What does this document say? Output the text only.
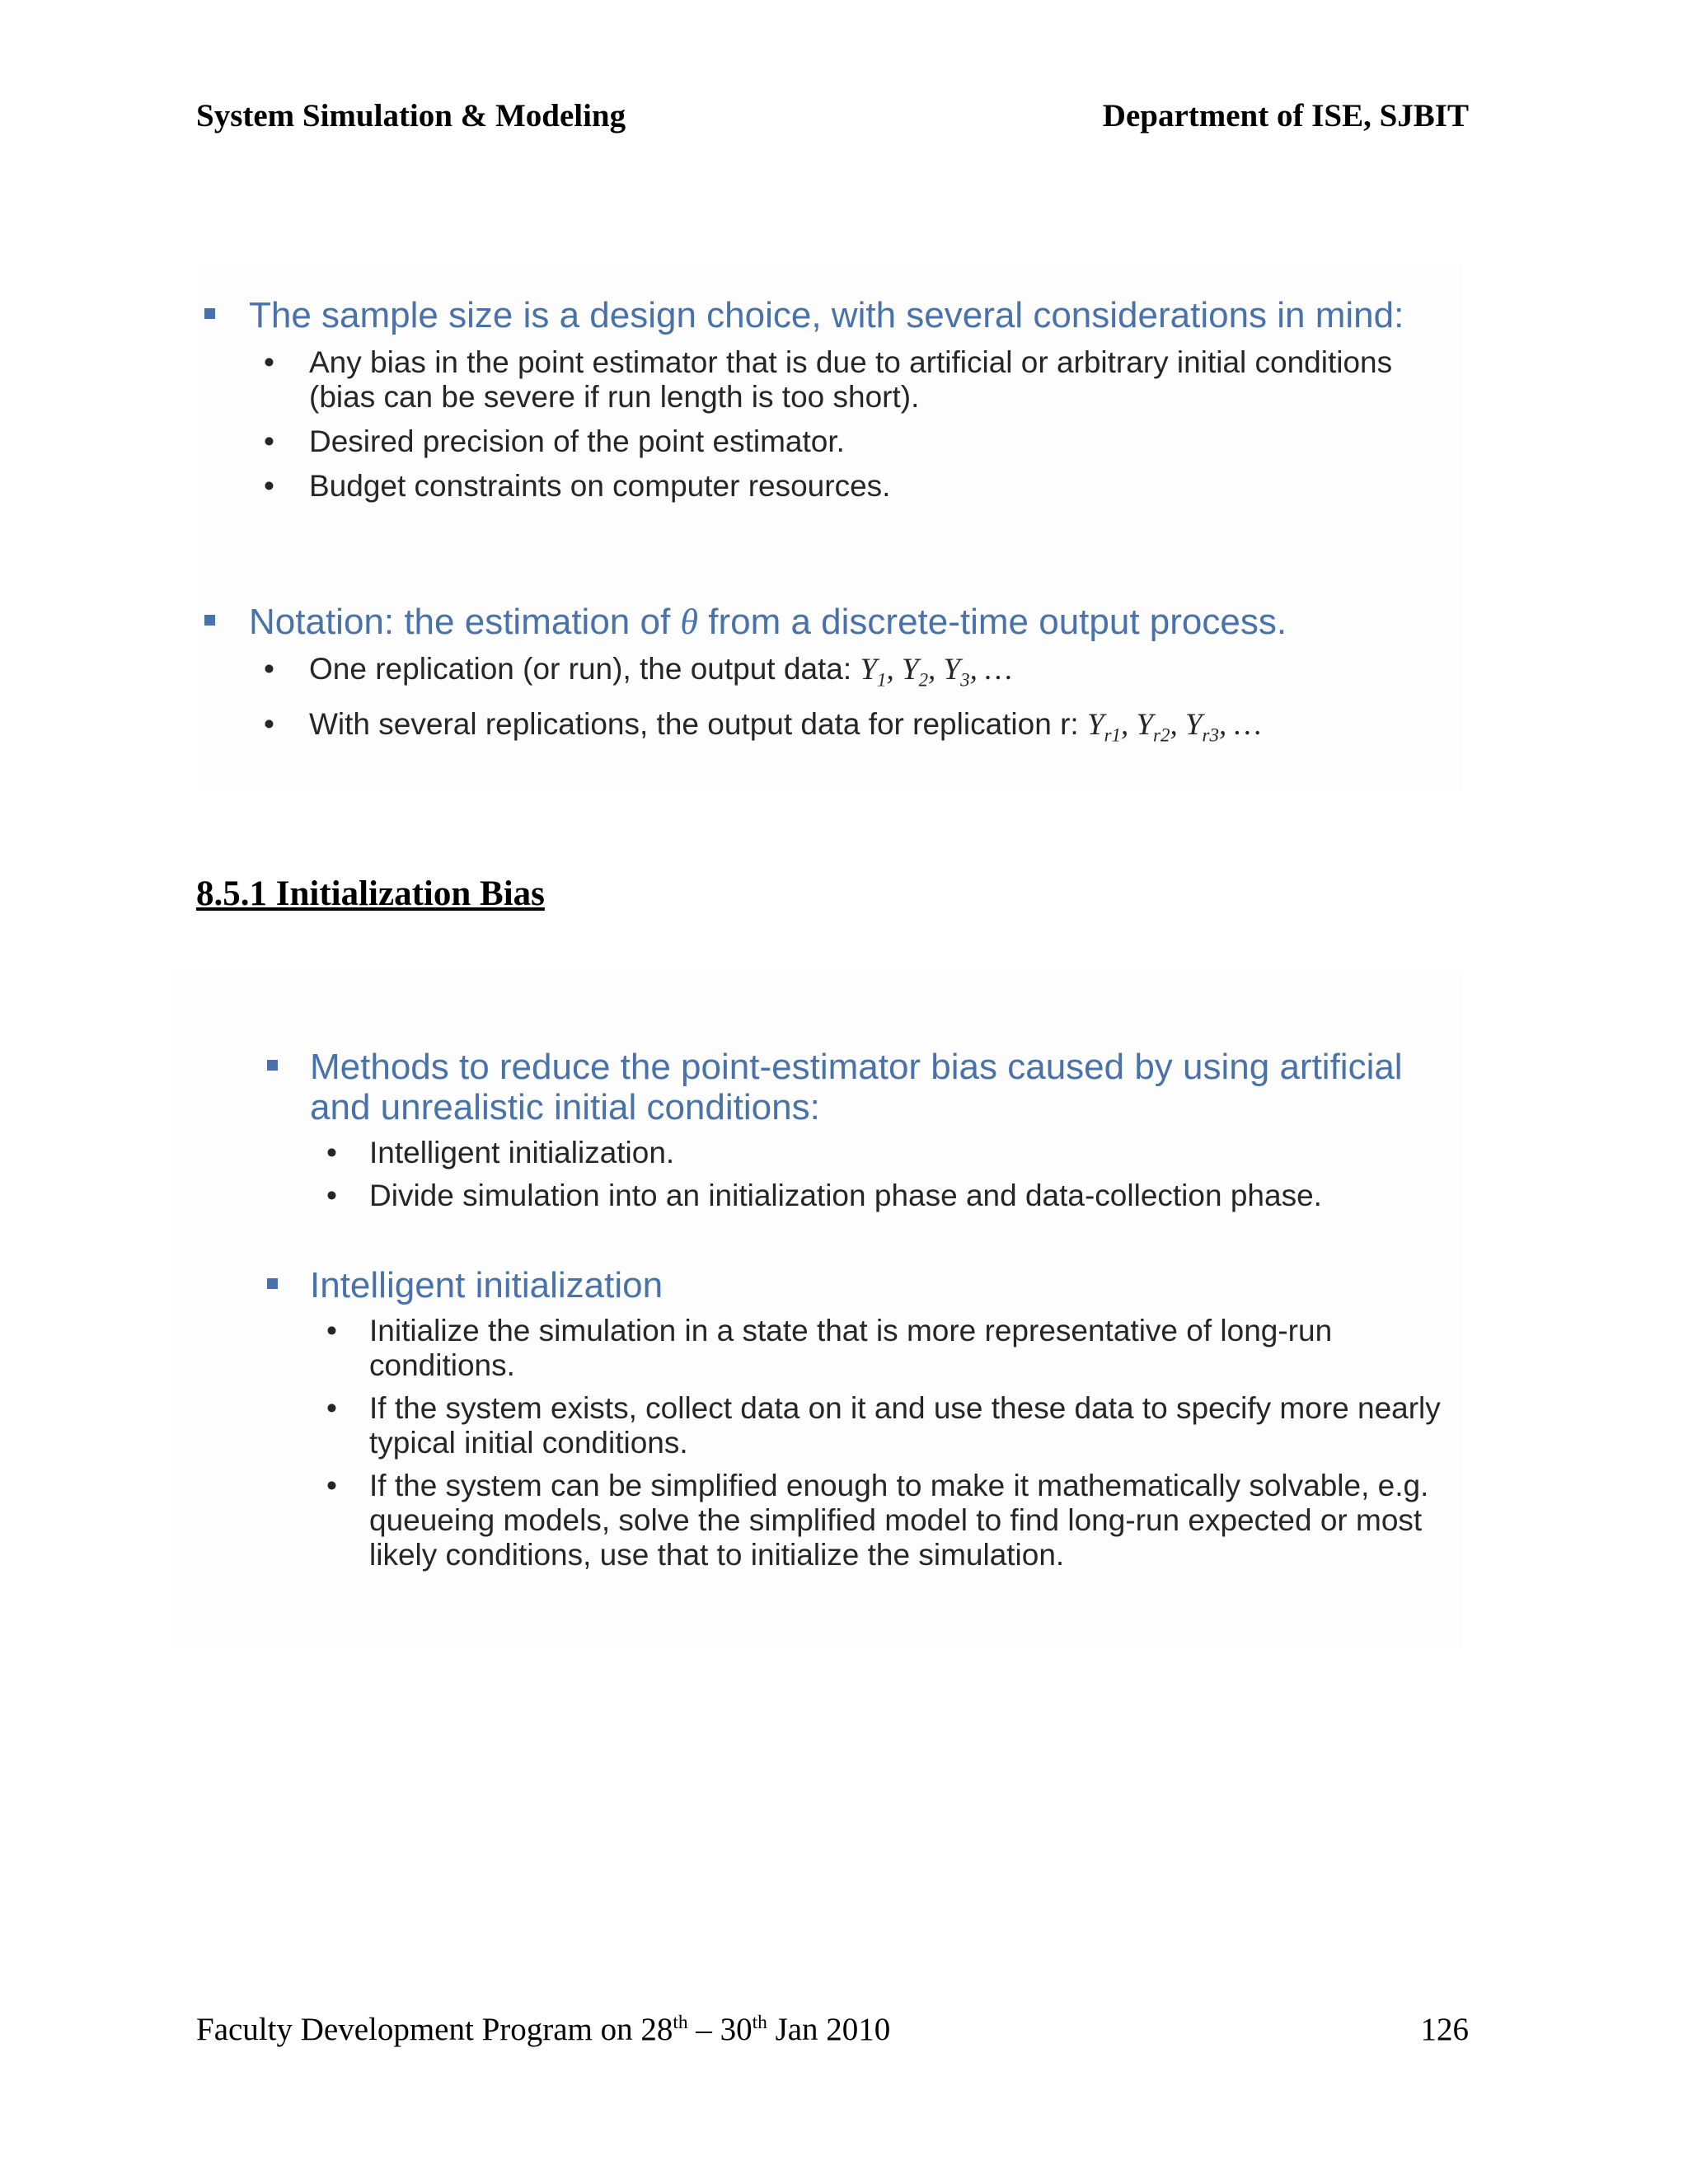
System Simulation & Modeling	Department of ISE, SJBIT
The sample size is a design choice, with several considerations in mind:
• Any bias in the point estimator that is due to artificial or arbitrary initial conditions (bias can be severe if run length is too short).
• Desired precision of the point estimator.
• Budget constraints on computer resources.
Notation: the estimation of θ from a discrete-time output process.
• One replication (or run), the output data: $Y_1$, $Y_2$, $Y_3$, …
• With several replications, the output data for replication r: $Y_{r1}$, $Y_{r2}$, $Y_{r3}$, …
8.5.1 Initialization Bias
Methods to reduce the point-estimator bias caused by using artificial and unrealistic initial conditions:
• Intelligent initialization.
• Divide simulation into an initialization phase and data-collection phase.
Intelligent initialization
• Initialize the simulation in a state that is more representative of long-run conditions.
• If the system exists, collect data on it and use these data to specify more nearly typical initial conditions.
• If the system can be simplified enough to make it mathematically solvable, e.g. queueing models, solve the simplified model to find long-run expected or most likely conditions, use that to initialize the simulation.
Faculty Development Program on 28th – 30th Jan 2010	126
